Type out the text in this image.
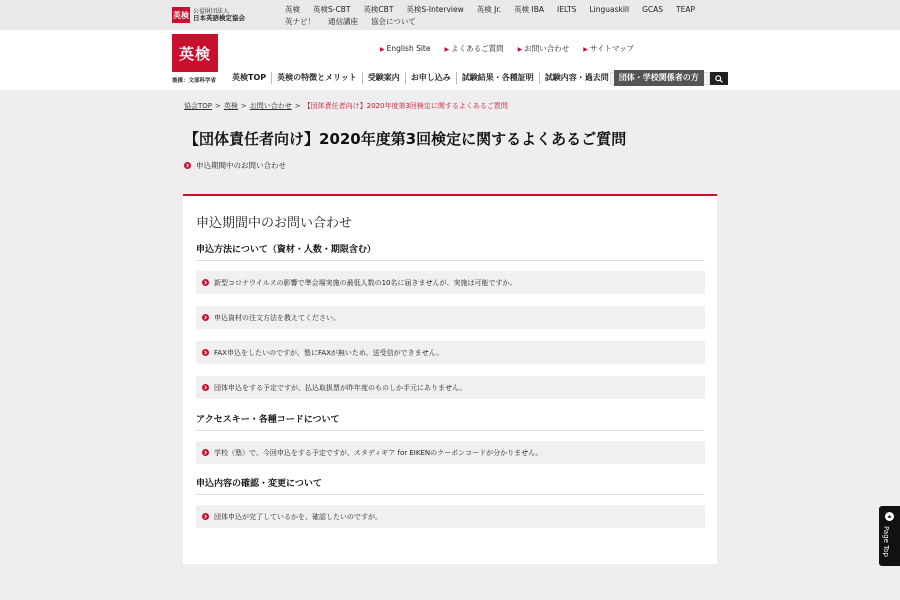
英検 公益財団法人
日本英語検定協会
英検 英検S-CBT 英検CBT 英検S-Interview 英検 Jr. 英検 IBA IELTS Linguaskill GCAS TEAP
英ナビ！ 通信講座 協会について
英検
後援：文部科学省
▶ English Site ▶ よくあるご質問 ▶ お問い合わせ ▶ サイトマップ
Search
英検TOP	英検の特徴とメリット	受験案内	お申し込み	試験結果・各種証明	試験内容・過去問	団体・学校関係者の方
協会TOP > 英検 > お問い合わせ > 【団体責任者向け】2020年度第3回検定に関するよくあるご質問
【団体責任者向け】2020年度第3回検定に関するよくあるご質問
申込期間中のお問い合わせ
申込期間中のお問い合わせ
申込方法について（資材・人数・期限含む）
新型コロナウイルスの影響で準会場実施の最低人数の10名に届きませんが、実施は可能ですか。
申込資材の注文方法を教えてください。
FAX申込をしたいのですが、塾にFAXが無いため、送受信ができません。
団体申込をする予定ですが、払込取扱票が昨年度のものしか手元にありません。
アクセスキー・各種コードについて
学校（塾）で、今回申込をする予定ですが、スタディギア for EIKENのクーポンコードが分かりません。
申込内容の確認・変更について
団体申込が完了しているかを、確認したいのですが。
Page Top
